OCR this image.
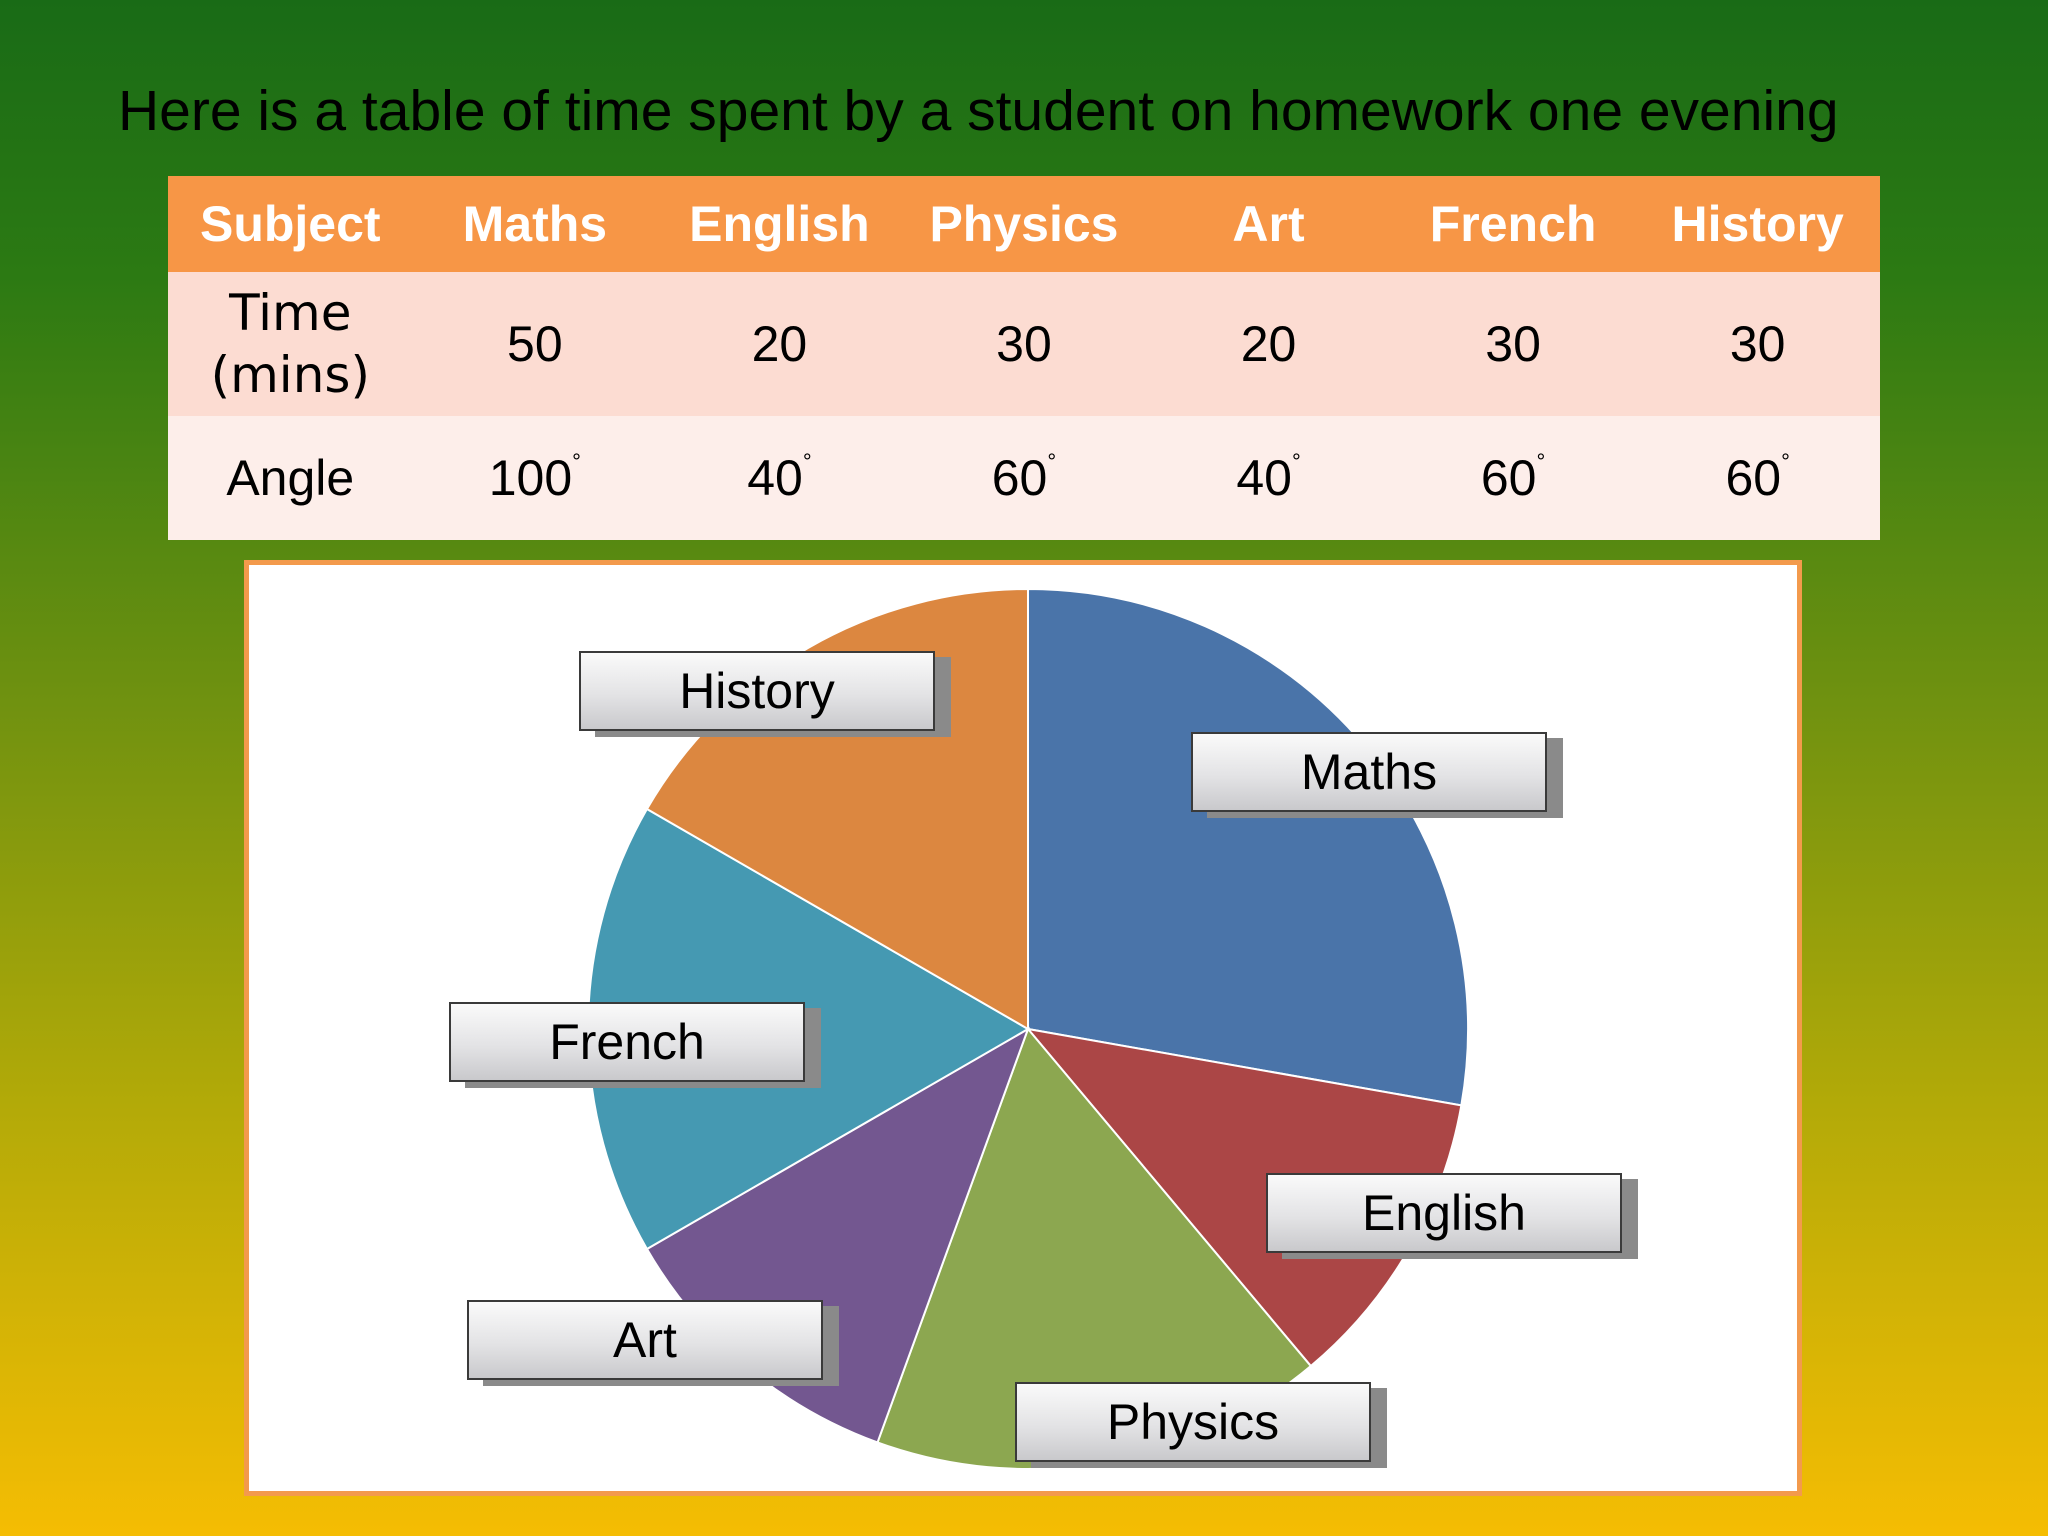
Here is a table of time spent by a student on homework one evening
Subject	Maths	English	Physics	Art	French	History
Time
(mins)	50	20	30	20	30	30
Angle	100°	40°	60°	40°	60°	60°
History
Maths
French
English
Art
Physics
